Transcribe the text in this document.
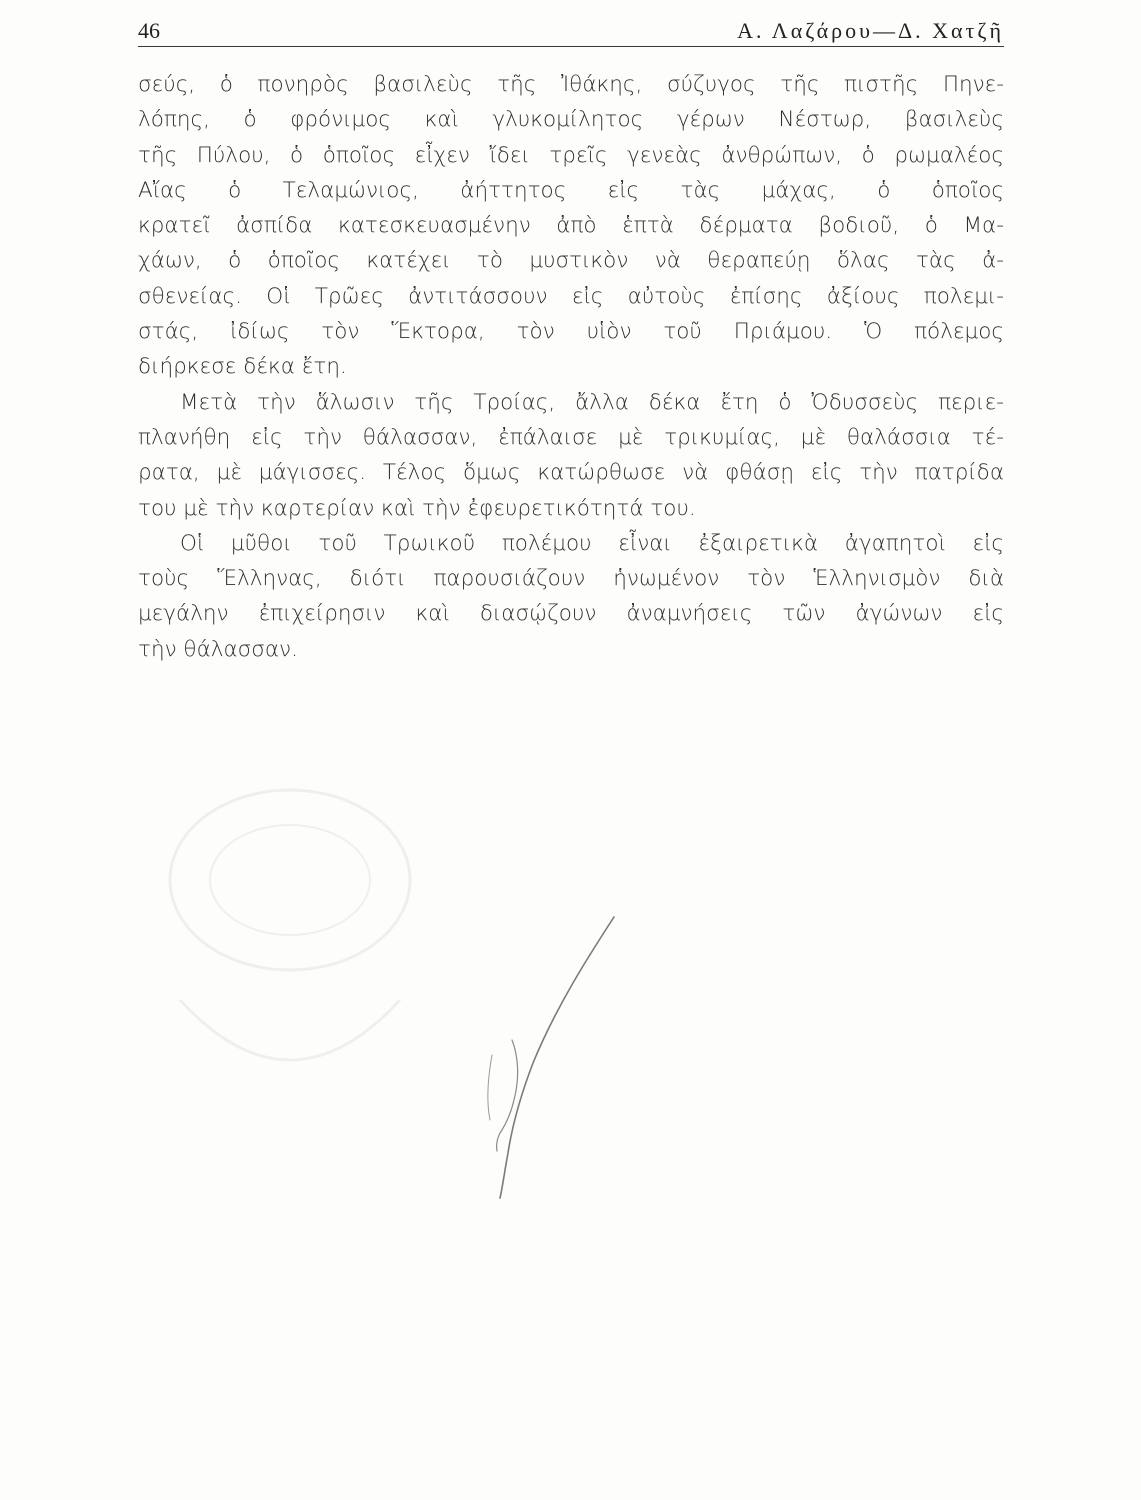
46	Α. Λαζάρου—Δ. Χατζῆ
σεύς, ὁ πονηρὸς βασιλεὺς τῆς Ἰθάκης, σύζυγος τῆς πιστῆς Πηνε-
λόπης, ὁ φρόνιμος καὶ γλυκομίλητος γέρων Νέστωρ, βασιλεὺς
τῆς Πύλου, ὁ ὁποῖος εἶχεν ἴδει τρεῖς γενεὰς ἀνθρώπων, ὁ ρωμαλέος
Αἴας ὁ Τελαμώνιος, ἀήττητος εἰς τὰς μάχας, ὁ ὁποῖος
κρατεῖ ἀσπίδα κατεσκευασμένην ἀπὸ ἑπτὰ δέρματα βοδιοῦ, ὁ Μα-
χάων, ὁ ὁποῖος κατέχει τὸ μυστικὸν νὰ θεραπεύῃ ὅλας τὰς ἀ-
σθενείας. Οἱ Τρῶες ἀντιτάσσουν εἰς αὐτοὺς ἐπίσης ἀξίους πολεμι-
στάς, ἰδίως τὸν Ἕκτορα, τὸν υἱὸν τοῦ Πριάμου. Ὁ πόλεμος
διήρκεσε δέκα ἔτη.
Μετὰ τὴν ἅλωσιν τῆς Τροίας, ἄλλα δέκα ἔτη ὁ Ὀδυσσεὺς περιε-
πλανήθη εἰς τὴν θάλασσαν, ἐπάλαισε μὲ τρικυμίας, μὲ θαλάσσια τέ-
ρατα, μὲ μάγισσες. Τέλος ὅμως κατώρθωσε νὰ φθάσῃ εἰς τὴν πατρίδα
του μὲ τὴν καρτερίαν καὶ τὴν ἐφευρετικότητά του.
Οἱ μῦθοι τοῦ Τρωικοῦ πολέμου εἶναι ἐξαιρετικὰ ἀγαπητοὶ εἰς
τοὺς Ἕλληνας, διότι παρουσιάζουν ἡνωμένον τὸν Ἑλληνισμὸν διὰ
μεγάλην ἐπιχείρησιν καὶ διασῴζουν ἀναμνήσεις τῶν ἀγώνων εἰς
τὴν θάλασσαν.
